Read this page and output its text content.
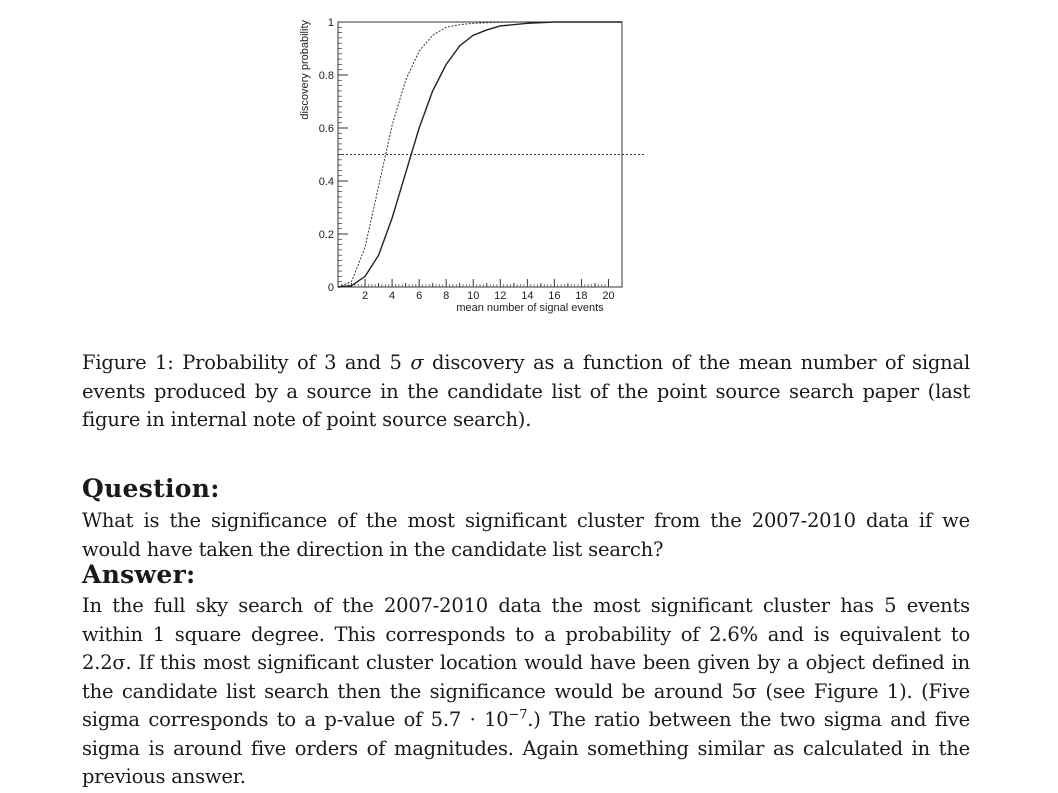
2 4 6 8 10 12 14 16 18 20
0
0.2
0.4
0.6
0.8
1
mean number of signal events
discovery probability
Figure 1: Probability of 3 and 5 σ discovery as a function of the mean number of signal events produced by a source in the candidate list of the point source search paper (last figure in internal note of point source search).
Question:
What is the significance of the most significant cluster from the 2007-2010 data if we would have taken the direction in the candidate list search?
Answer:
In the full sky search of the 2007-2010 data the most significant cluster has 5 events within 1 square degree. This corresponds to a probability of 2.6% and is equivalent to 2.2σ. If this most significant cluster location would have been given by a object defined in the candidate list search then the significance would be around 5σ (see Figure 1). (Five sigma corresponds to a p-value of $5.7 \cdot 10^{-7}$.) The ratio between the two sigma and five sigma is around five orders of magnitudes. Again something similar as calculated in the previous answer.
